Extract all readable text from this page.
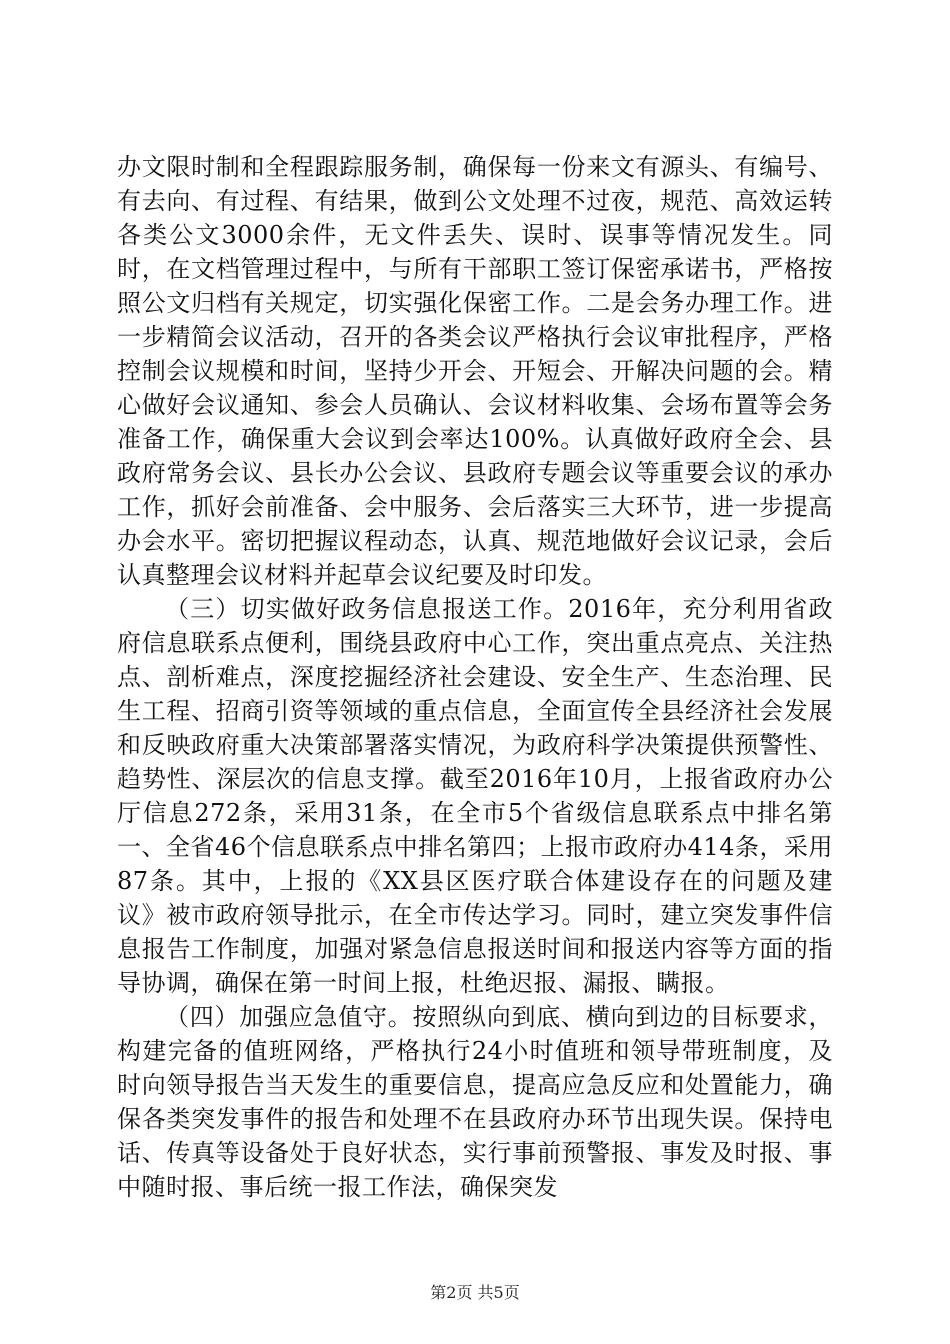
办文限时制和全程跟踪服务制，确保每一份来文有源头、有编号、有去向、有过程、有结果，做到公文处理不过夜，规范、高效运转各类公文3000余件，无文件丢失、误时、误事等情况发生。同时，在文档管理过程中，与所有干部职工签订保密承诺书，严格按照公文归档有关规定，切实强化保密工作。二是会务办理工作。进一步精简会议活动，召开的各类会议严格执行会议审批程序，严格控制会议规模和时间，坚持少开会、开短会、开解决问题的会。精心做好会议通知、参会人员确认、会议材料收集、会场布置等会务准备工作，确保重大会议到会率达100%。认真做好政府全会、县政府常务会议、县长办公会议、县政府专题会议等重要会议的承办工作，抓好会前准备、会中服务、会后落实三大环节，进一步提高办会水平。密切把握议程动态，认真、规范地做好会议记录，会后认真整理会议材料并起草会议纪要及时印发。

（三）切实做好政务信息报送工作。2016年，充分利用省政府信息联系点便利，围绕县政府中心工作，突出重点亮点、关注热点、剖析难点，深度挖掘经济社会建设、安全生产、生态治理、民生工程、招商引资等领域的重点信息，全面宣传全县经济社会发展和反映政府重大决策部署落实情况，为政府科学决策提供预警性、趋势性、深层次的信息支撑。截至2016年10月，上报省政府办公厅信息272条，采用31条，在全市5个省级信息联系点中排名第一、全省46个信息联系点中排名第四；上报市政府办414条，采用87条。其中，上报的《XX县区医疗联合体建设存在的问题及建议》被市政府领导批示，在全市传达学习。同时，建立突发事件信息报告工作制度，加强对紧急信息报送时间和报送内容等方面的指导协调，确保在第一时间上报，杜绝迟报、漏报、瞒报。

（四）加强应急值守。按照纵向到底、横向到边的目标要求，构建完备的值班网络，严格执行24小时值班和领导带班制度，及时向领导报告当天发生的重要信息，提高应急反应和处置能力，确保各类突发事件的报告和处理不在县政府办环节出现失误。保持电话、传真等设备处于良好状态，实行事前预警报、事发及时报、事中随时报、事后统一报工作法，确保突发

第2页 共5页
